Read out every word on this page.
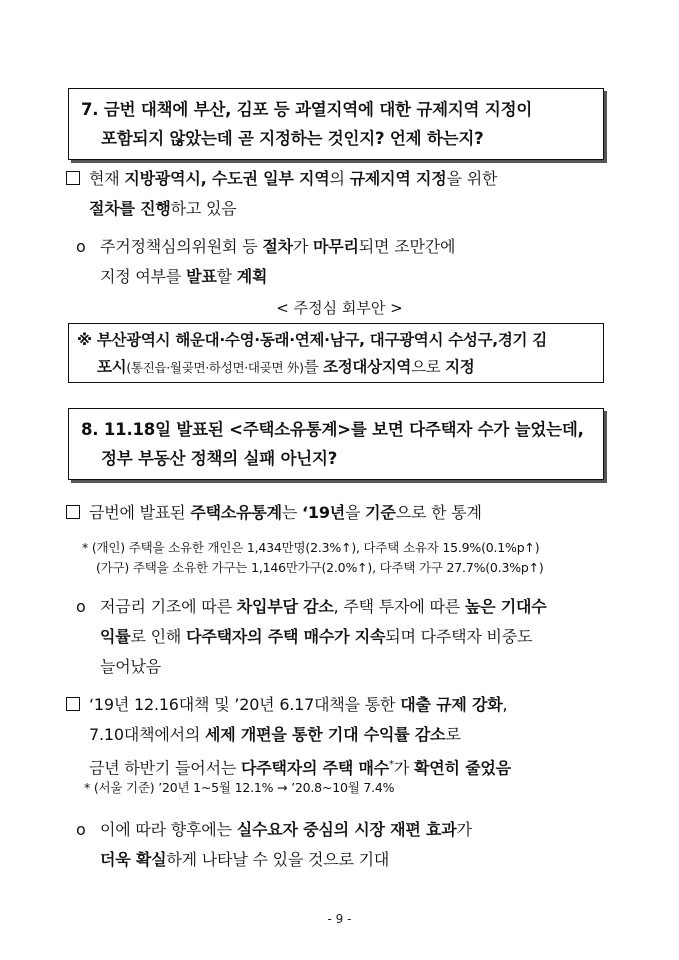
7. 금번 대책에 부산, 김포 등 과열지역에 대한 규제지역 지정이
포함되지 않았는데 곧 지정하는 것인지? 언제 하는지?
현재 지방광역시, 수도권 일부 지역의 규제지역 지정을 위한
절차를 진행하고 있음
o 주거정책심의위원회 등 절차가 마무리되면 조만간에
지정 여부를 발표할 계획
< 주정심 회부안 >
※ 부산광역시 해운대·수영·동래·연제·남구, 대구광역시 수성구,경기 김
포시(통진읍·월곶면·하성면·대곶면 外)를 조정대상지역으로 지정
8. 11.18일 발표된 <주택소유통계>를 보면 다주택자 수가 늘었는데,
정부 부동산 정책의 실패 아닌지?
금번에 발표된 주택소유통계는 ‘19년을 기준으로 한 통계
* (개인) 주택을 소유한 개인은 1,434만명(2.3%↑), 다주택 소유자 15.9%(0.1%p↑)
(가구) 주택을 소유한 가구는 1,146만가구(2.0%↑), 다주택 가구 27.7%(0.3%p↑)
o 저금리 기조에 따른 차입부담 감소, 주택 투자에 따른 높은 기대수
익률로 인해 다주택자의 주택 매수가 지속되며 다주택자 비중도
늘어났음
‘19년 12.16대책 및 ’20년 6.17대책을 통한 대출 규제 강화,
7.10대책에서의 세제 개편을 통한 기대 수익률 감소로
금년 하반기 들어서는 다주택자의 주택 매수*가 확연히 줄었음
* (서울 기준) ’20년 1~5월 12.1% → ’20.8~10월 7.4%
o 이에 따라 향후에는 실수요자 중심의 시장 재편 효과가
더욱 확실하게 나타날 수 있을 것으로 기대
- 9 -
